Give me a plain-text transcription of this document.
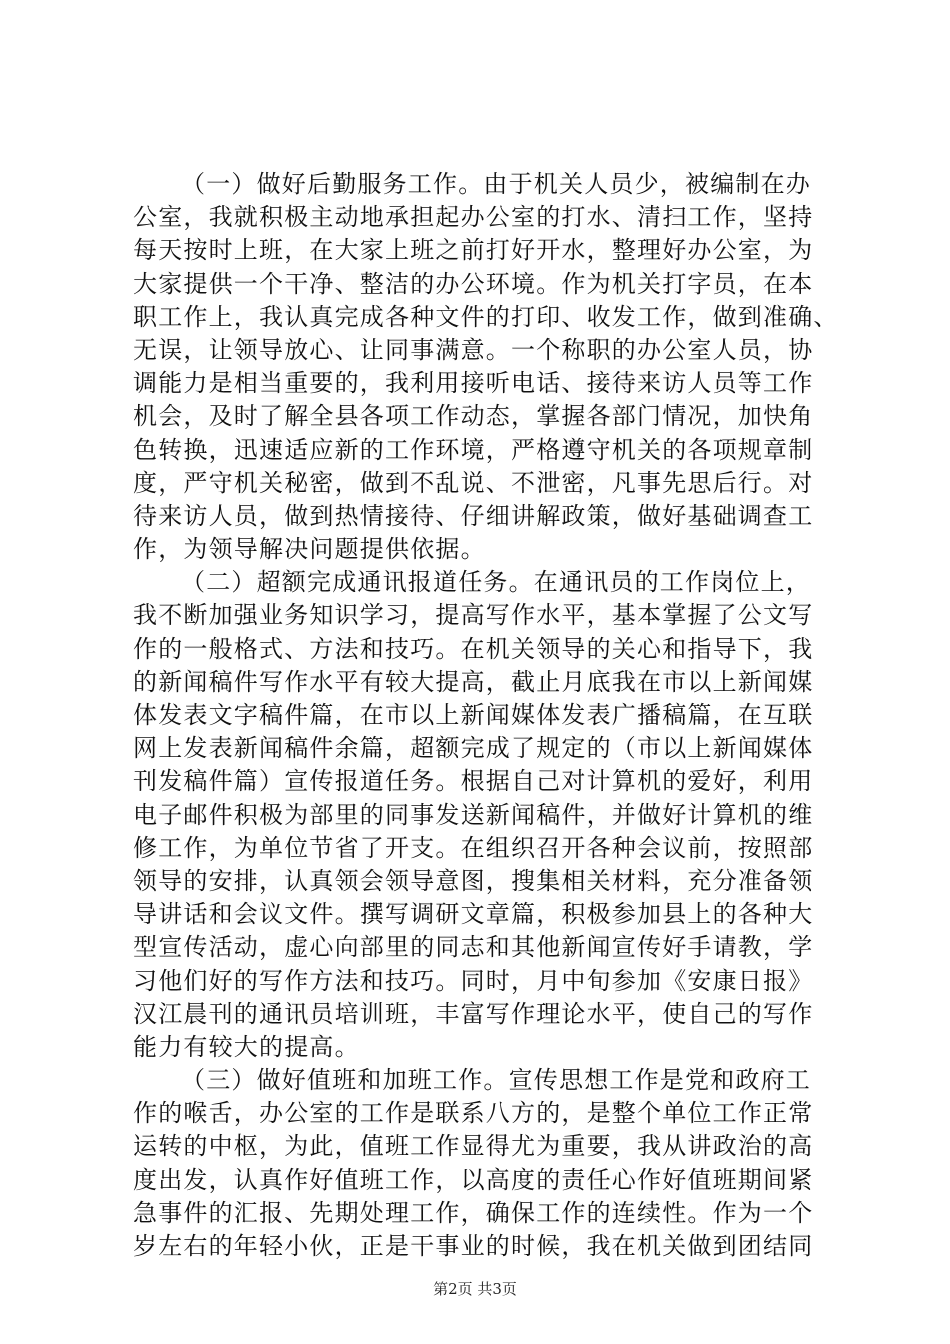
（一）做好后勤服务工作。由于机关人员少，被编制在办
公室，我就积极主动地承担起办公室的打水、清扫工作，坚持
每天按时上班，在大家上班之前打好开水，整理好办公室，为
大家提供一个干净、整洁的办公环境。作为机关打字员，在本
职工作上，我认真完成各种文件的打印、收发工作，做到准确、
无误，让领导放心、让同事满意。一个称职的办公室人员，协
调能力是相当重要的，我利用接听电话、接待来访人员等工作
机会，及时了解全县各项工作动态，掌握各部门情况，加快角
色转换，迅速适应新的工作环境，严格遵守机关的各项规章制
度，严守机关秘密，做到不乱说、不泄密，凡事先思后行。对
待来访人员，做到热情接待、仔细讲解政策，做好基础调查工
作，为领导解决问题提供依据。
（二）超额完成通讯报道任务。在通讯员的工作岗位上，
我不断加强业务知识学习，提高写作水平，基本掌握了公文写
作的一般格式、方法和技巧。在机关领导的关心和指导下，我
的新闻稿件写作水平有较大提高，截止月底我在市以上新闻媒
体发表文字稿件篇，在市以上新闻媒体发表广播稿篇，在互联
网上发表新闻稿件余篇，超额完成了规定的（市以上新闻媒体
刊发稿件篇）宣传报道任务。根据自己对计算机的爱好，利用
电子邮件积极为部里的同事发送新闻稿件，并做好计算机的维
修工作，为单位节省了开支。在组织召开各种会议前，按照部
领导的安排，认真领会领导意图，搜集相关材料，充分准备领
导讲话和会议文件。撰写调研文章篇，积极参加县上的各种大
型宣传活动，虚心向部里的同志和其他新闻宣传好手请教，学
习他们好的写作方法和技巧。同时，月中旬参加《安康日报》
汉江晨刊的通讯员培训班，丰富写作理论水平，使自己的写作
能力有较大的提高。
（三）做好值班和加班工作。宣传思想工作是党和政府工
作的喉舌，办公室的工作是联系八方的，是整个单位工作正常
运转的中枢，为此，值班工作显得尤为重要，我从讲政治的高
度出发，认真作好值班工作，以高度的责任心作好值班期间紧
急事件的汇报、先期处理工作，确保工作的连续性。作为一个
岁左右的年轻小伙，正是干事业的时候，我在机关做到团结同
第2页 共3页
